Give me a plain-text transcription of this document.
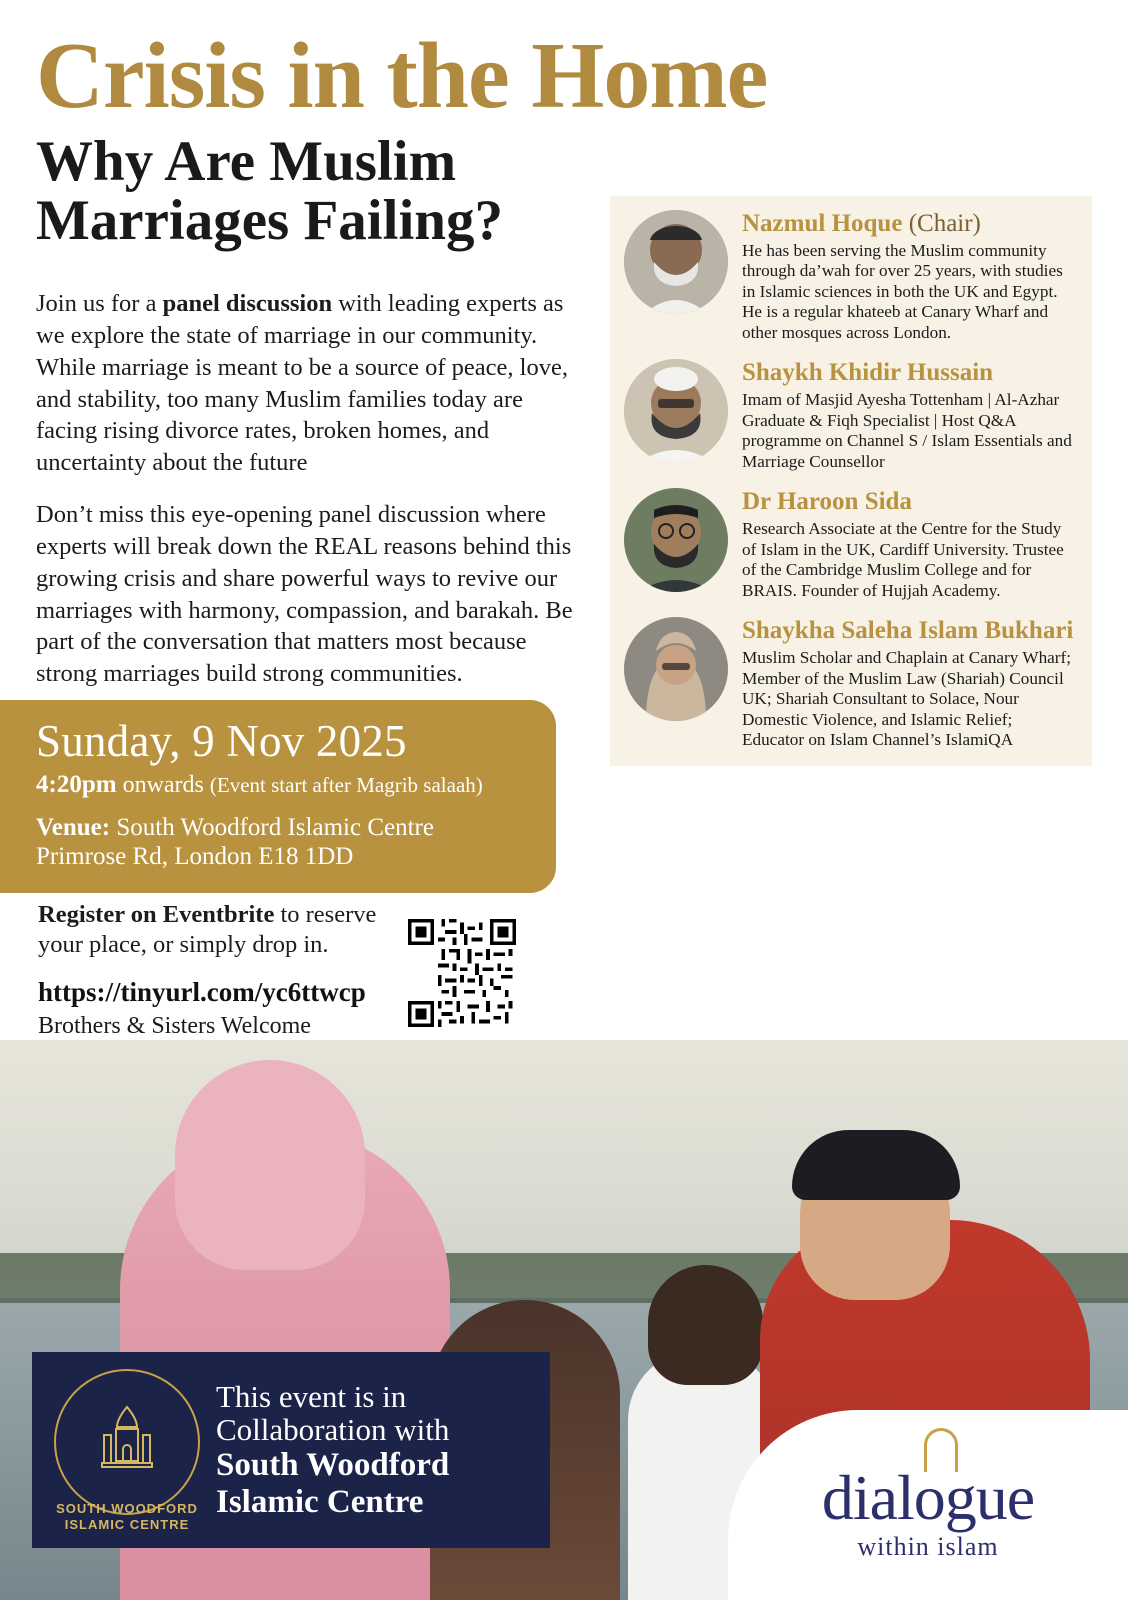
Crisis in the Home
Why Are Muslim
Marriages Failing?

Join us for a panel discussion with leading experts as we explore the state of marriage in our community. While marriage is meant to be a source of peace, love, and stability, too many Muslim families today are facing rising divorce rates, broken homes, and uncertainty about the future

Don’t miss this eye-opening panel discussion where experts will break down the REAL reasons behind this growing crisis and share powerful ways to revive our marriages with harmony, compassion, and barakah. Be part of the conversation that matters most because strong marriages build strong communities.

Sunday, 9 Nov 2025
4:20pm onwards (Event start after Magrib salaah)
Venue: South Woodford Islamic Centre
Primrose Rd, London E18 1DD
Register on Eventbrite to reserve your place, or simply drop in.
https://tinyurl.com/yc6ttwcp
Brothers & Sisters Welcome
Nazmul Hoque (Chair)
He has been serving the Muslim community through da’wah for over 25 years, with studies in Islamic sciences in both the UK and Egypt. He is a regular khateeb at Canary Wharf and other mosques across London.
Shaykh Khidir Hussain
Imam of Masjid Ayesha Tottenham | Al-Azhar Graduate & Fiqh Specialist | Host Q&A programme on Channel S / Islam Essentials and Marriage Counsellor
Dr Haroon Sida
Research Associate at the Centre for the Study of Islam in the UK, Cardiff University. Trustee of the Cambridge Muslim College and for BRAIS. Founder of Hujjah Academy.
Shaykha Saleha Islam Bukhari
Muslim Scholar and Chaplain at Canary Wharf; Member of the Muslim Law (Shariah) Council UK; Shariah Consultant to Solace, Nour Domestic Violence, and Islamic Relief; Educator on Islam Channel’s IslamiQA
SOUTH WOODFORD
ISLAMIC CENTRE
This event is in
Collaboration with
South Woodford
Islamic Centre	dialogue
within islam
